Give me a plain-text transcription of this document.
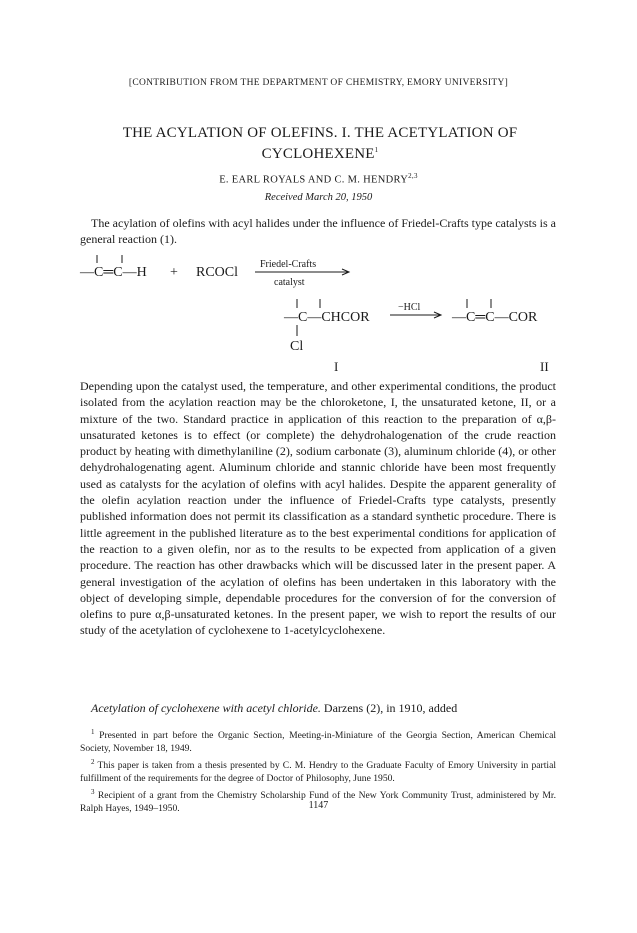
[CONTRIBUTION FROM THE DEPARTMENT OF CHEMISTRY, EMORY UNIVERSITY]
THE ACYLATION OF OLEFINS. I. THE ACETYLATION OF
CYCLOHEXENE$^1$
E. EARL ROYALS AND C. M. HENDRY$^{2,3}$
Received March 20, 1950
The acylation of olefins with acyl halides under the influence of Friedel-Crafts type catalysts is a general reaction (1).
—C═C—H + RCOCl
Friedel-Crafts
catalyst
—C—CHCOR
Cl
−HCl
—C═C—COR
I	II
Depending upon the catalyst used, the temperature, and other experimental conditions, the product isolated from the acylation reaction may be the chloroketone, I, the unsaturated ketone, II, or a mixture of the two. Standard practice in application of this reaction to the preparation of α,β-unsaturated ketones is to effect (or complete) the dehydrohalogenation of the crude reaction product by heating with dimethylaniline (2), sodium carbonate (3), aluminum chloride (4), or other dehydrohalogenating agent. Aluminum chloride and stannic chloride have been most frequently used as catalysts for the acylation of olefins with acyl halides. Despite the apparent generality of the olefin acylation reaction under the influence of Friedel-Crafts type catalysts, presently published information does not permit its classification as a standard synthetic procedure. There is little agreement in the published literature as to the best experimental conditions for application of the reaction to a given olefin, nor as to the results to be expected from application of a given procedure. The reaction has other drawbacks which will be discussed later in the present paper. A general investigation of the acylation of olefins has been undertaken in this laboratory with the object of developing simple, dependable procedures for the conversion of for the conversion of olefins to pure α,β-unsaturated ketones. In the present paper, we wish to report the results of our study of the acetylation of cyclohexene to 1-acetylcyclohexene.
Acetylation of cyclohexene with acetyl chloride. Darzens (2), in 1910, added

$^1$ Presented in part before the Organic Section, Meeting-in-Miniature of the Georgia Section, American Chemical Society, November 18, 1949.

$^2$ This paper is taken from a thesis presented by C. M. Hendry to the Graduate Faculty of Emory University in partial fulfillment of the requirements for the degree of Doctor of Philosophy, June 1950.

$^3$ Recipient of a grant from the Chemistry Scholarship Fund of the New York Community Trust, administered by Mr. Ralph Hayes, 1949–1950.	1147
